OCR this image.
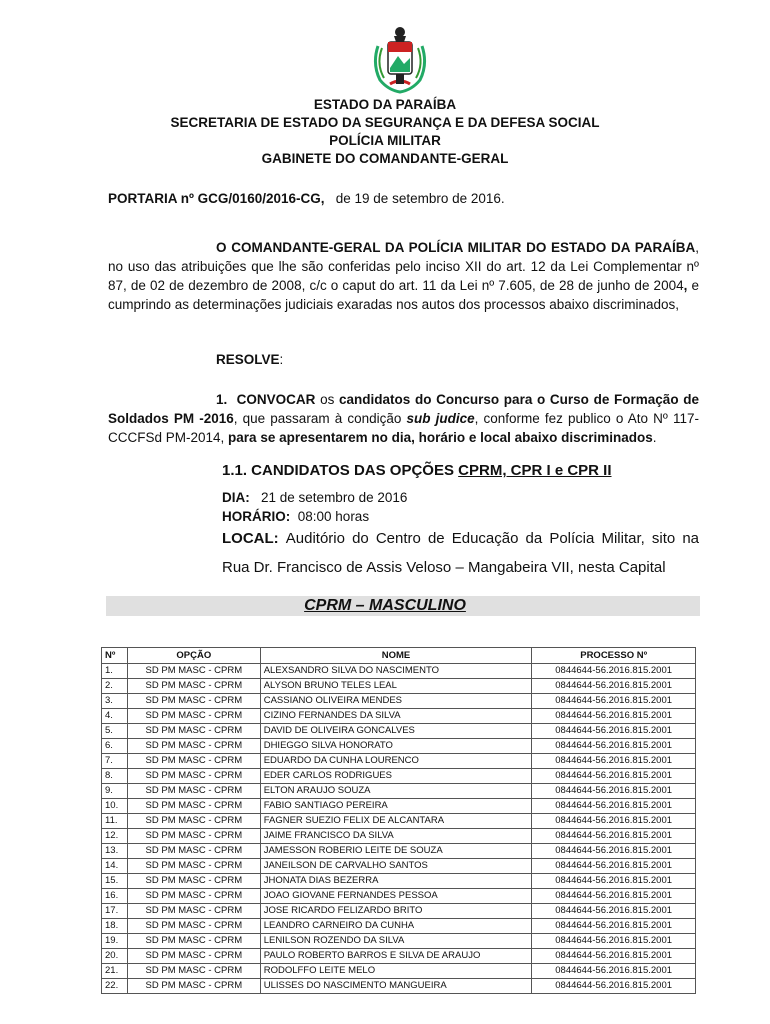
ESTADO DA PARAÍBA
SECRETARIA DE ESTADO DA SEGURANÇA E DA DEFESA SOCIAL
POLÍCIA MILITAR
GABINETE DO COMANDANTE-GERAL
PORTARIA nº GCG/0160/2016-CG, de 19 de setembro de 2016.
O COMANDANTE-GERAL DA POLÍCIA MILITAR DO ESTADO DA PARAÍBA, no uso das atribuições que lhe são conferidas pelo inciso XII do art. 12 da Lei Complementar nº 87, de 02 de dezembro de 2008, c/c o caput do art. 11 da Lei nº 7.605, de 28 de junho de 2004, e cumprindo as determinações judiciais exaradas nos autos dos processos abaixo discriminados,
RESOLVE:
1. CONVOCAR os candidatos do Concurso para o Curso de Formação de Soldados PM -2016, que passaram à condição sub judice, conforme fez publico o Ato Nº 117-CCCFSd PM-2014, para se apresentarem no dia, horário e local abaixo discriminados.
1.1. CANDIDATOS DAS OPÇÕES CPRM, CPR I e CPR II
DIA: 21 de setembro de 2016
HORÁRIO: 08:00 horas
LOCAL: Auditório do Centro de Educação da Polícia Militar, sito na Rua Dr. Francisco de Assis Veloso – Mangabeira VII, nesta Capital
CPRM – MASCULINO
Nº	OPÇÃO	NOME	PROCESSO Nº
1.	SD PM MASC - CPRM	ALEXSANDRO SILVA DO NASCIMENTO	0844644-56.2016.815.2001
2.	SD PM MASC - CPRM	ALYSON BRUNO TELES LEAL	0844644-56.2016.815.2001
3.	SD PM MASC - CPRM	CASSIANO OLIVEIRA MENDES	0844644-56.2016.815.2001
4.	SD PM MASC - CPRM	CIZINO FERNANDES DA SILVA	0844644-56.2016.815.2001
5.	SD PM MASC - CPRM	DAVID DE OLIVEIRA GONCALVES	0844644-56.2016.815.2001
6.	SD PM MASC - CPRM	DHIEGGO SILVA HONORATO	0844644-56.2016.815.2001
7.	SD PM MASC - CPRM	EDUARDO DA CUNHA LOURENCO	0844644-56.2016.815.2001
8.	SD PM MASC - CPRM	EDER CARLOS RODRIGUES	0844644-56.2016.815.2001
9.	SD PM MASC - CPRM	ELTON ARAUJO SOUZA	0844644-56.2016.815.2001
10.	SD PM MASC - CPRM	FABIO SANTIAGO PEREIRA	0844644-56.2016.815.2001
11.	SD PM MASC - CPRM	FAGNER SUEZIO FELIX DE ALCANTARA	0844644-56.2016.815.2001
12.	SD PM MASC - CPRM	JAIME FRANCISCO DA SILVA	0844644-56.2016.815.2001
13.	SD PM MASC - CPRM	JAMESSON ROBERIO LEITE DE SOUZA	0844644-56.2016.815.2001
14.	SD PM MASC - CPRM	JANEILSON DE CARVALHO SANTOS	0844644-56.2016.815.2001
15.	SD PM MASC - CPRM	JHONATA DIAS BEZERRA	0844644-56.2016.815.2001
16.	SD PM MASC - CPRM	JOAO GIOVANE FERNANDES PESSOA	0844644-56.2016.815.2001
17.	SD PM MASC - CPRM	JOSE RICARDO FELIZARDO BRITO	0844644-56.2016.815.2001
18.	SD PM MASC - CPRM	LEANDRO CARNEIRO DA CUNHA	0844644-56.2016.815.2001
19.	SD PM MASC - CPRM	LENILSON ROZENDO DA SILVA	0844644-56.2016.815.2001
20.	SD PM MASC - CPRM	PAULO ROBERTO BARROS E SILVA DE ARAUJO	0844644-56.2016.815.2001
21.	SD PM MASC - CPRM	RODOLFFO LEITE MELO	0844644-56.2016.815.2001
22.	SD PM MASC - CPRM	ULISSES DO NASCIMENTO MANGUEIRA	0844644-56.2016.815.2001
